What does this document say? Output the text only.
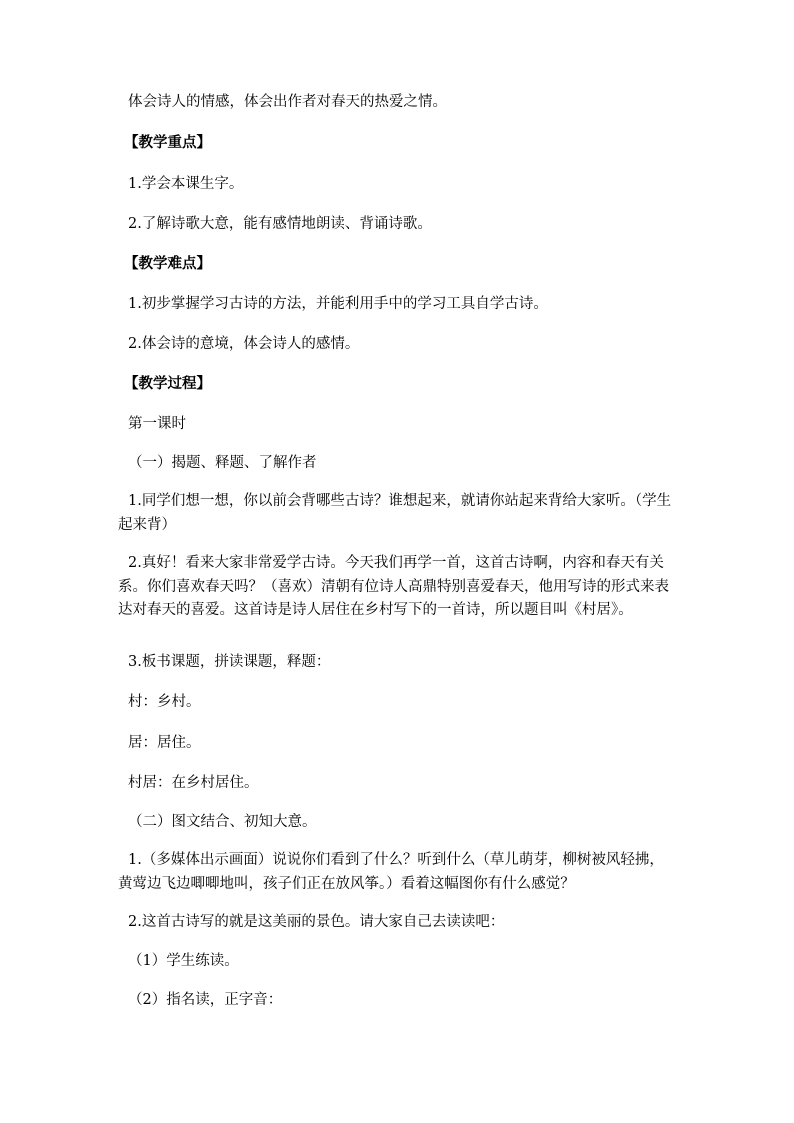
体会诗人的情感，体会出作者对春天的热爱之情。
【教学重点】
1.学会本课生字。
2.了解诗歌大意，能有感情地朗读、背诵诗歌。
【教学难点】
1.初步掌握学习古诗的方法，并能利用手中的学习工具自学古诗。
2.体会诗的意境，体会诗人的感情。
【教学过程】
第一课时
（一）揭题、释题、了解作者
1.同学们想一想，你以前会背哪些古诗？谁想起来，就请你站起来背给大家听。（学生起来背）
2.真好！看来大家非常爱学古诗。今天我们再学一首，这首古诗啊，内容和春天有关系。你们喜欢春天吗？（喜欢）清朝有位诗人高鼎特别喜爱春天，他用写诗的形式来表达对春天的喜爱。这首诗是诗人居住在乡村写下的一首诗，所以题目叫《村居》。
3.板书课题，拼读课题，释题：
村：乡村。
居：居住。
村居：在乡村居住。
（二）图文结合、初知大意。
1.（多媒体出示画面）说说你们看到了什么？听到什么（草儿萌芽，柳树被风轻拂，黄莺边飞边唧唧地叫，孩子们正在放风筝。）看着这幅图你有什么感觉？
2.这首古诗写的就是这美丽的景色。请大家自己去读读吧：
（1）学生练读。
（2）指名读，正字音：
